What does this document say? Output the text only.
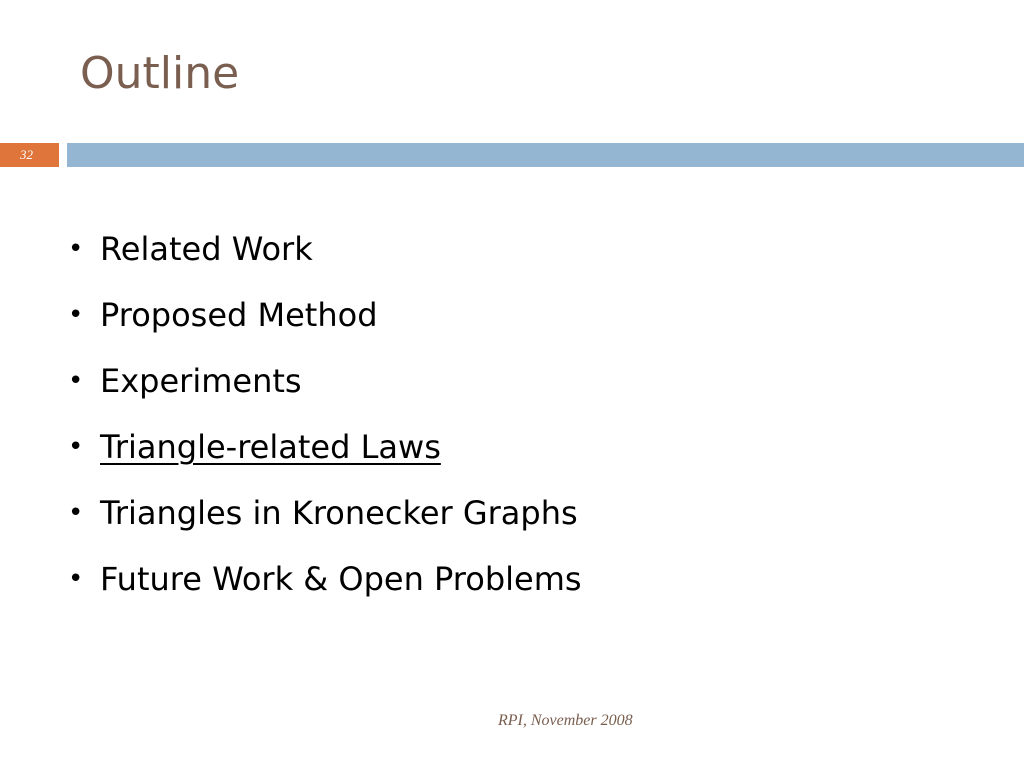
Outline
32
• Related Work
• Proposed Method
• Experiments
• Triangle-related Laws
• Triangles in Kronecker Graphs
• Future Work & Open Problems
RPI, November 2008
